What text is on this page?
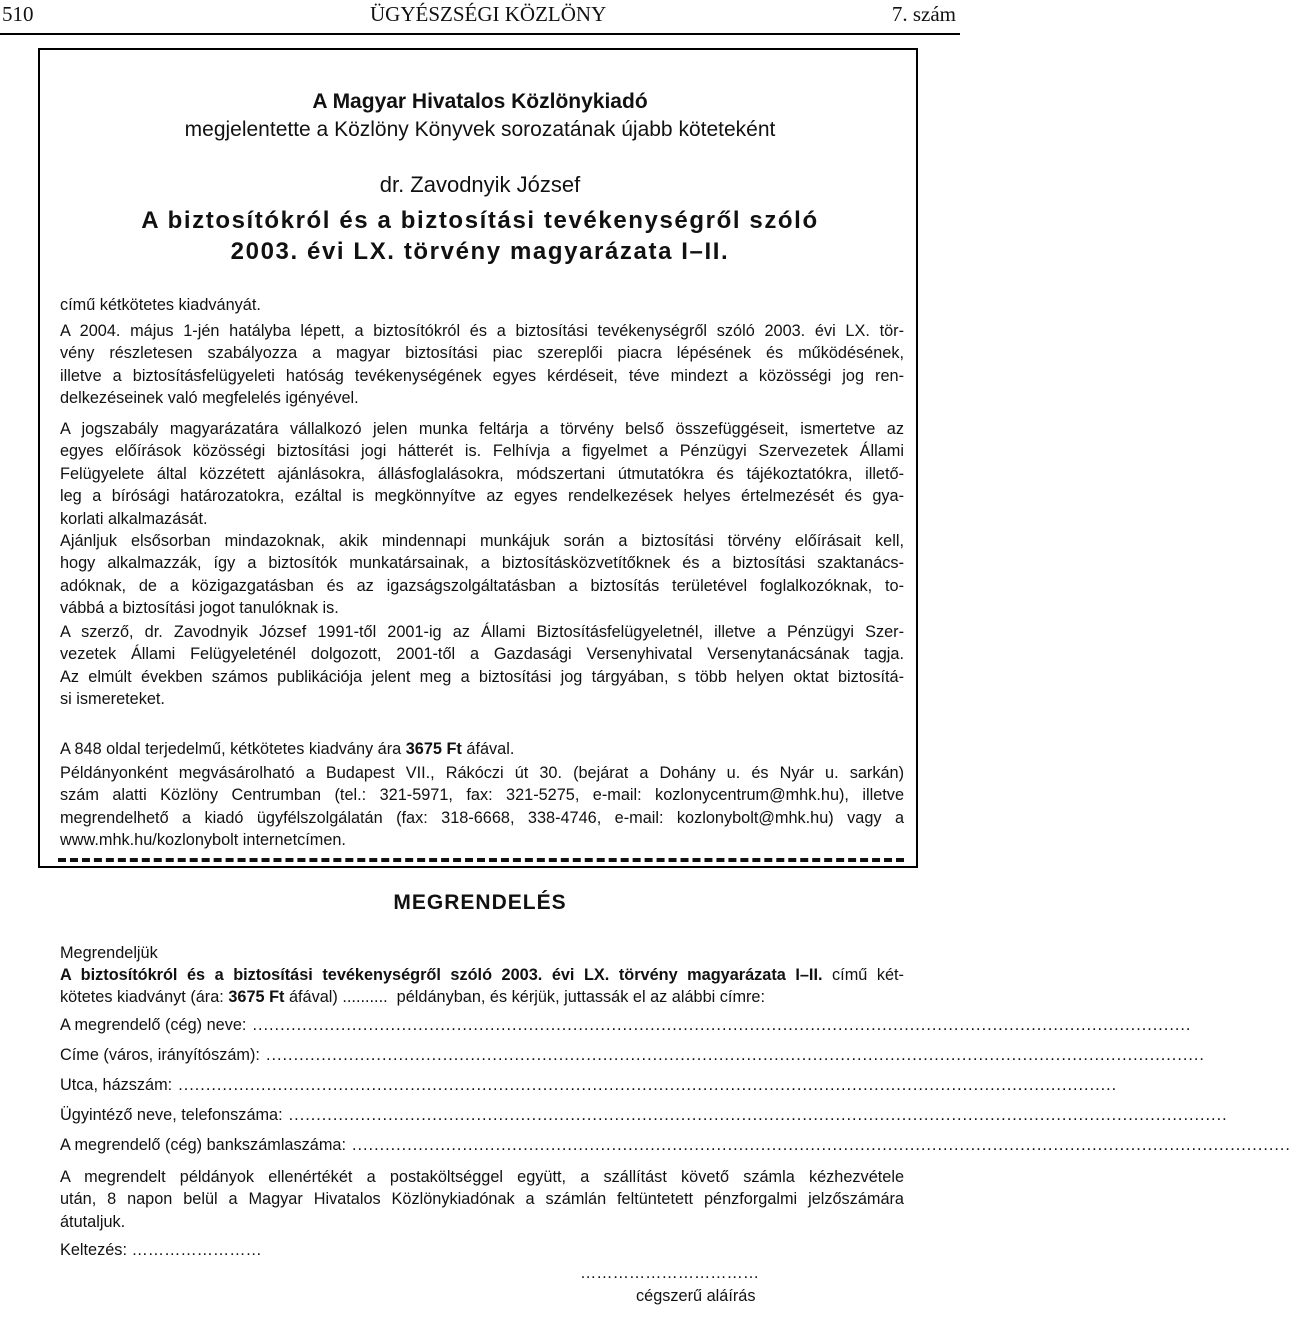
510	ÜGYÉSZSÉGI KÖZLÖNY	7. szám
A Magyar Hivatalos Közlönykiadó
megjelentette a Közlöny Könyvek sorozatának újabb köteteként
dr. Zavodnyik József
A biztosítókról és a biztosítási tevékenységről szóló
2003. évi LX. törvény magyarázata I–II.

című kétkötetes kiadványát.

A 2004. május 1-jén hatályba lépett, a biztosítókról és a biztosítási tevékenységről szóló 2003. évi LX. tör-
vény részletesen szabályozza a magyar biztosítási piac szereplői piacra lépésének és működésének,
illetve a biztosításfelügyeleti hatóság tevékenységének egyes kérdéseit, téve mindezt a közösségi jog ren-
delkezéseinek való megfelelés igényével.
A jogszabály magyarázatára vállalkozó jelen munka feltárja a törvény belső összefüggéseit, ismertetve az
egyes előírások közösségi biztosítási jogi hátterét is. Felhívja a figyelmet a Pénzügyi Szervezetek Állami
Felügyelete által közzétett ajánlásokra, állásfoglalásokra, módszertani útmutatókra és tájékoztatókra, illető-
leg a bírósági határozatokra, ezáltal is megkönnyítve az egyes rendelkezések helyes értelmezését és gya-
korlati alkalmazását.
Ajánljuk elsősorban mindazoknak, akik mindennapi munkájuk során a biztosítási törvény előírásait kell,
hogy alkalmazzák, így a biztosítók munkatársainak, a biztosításközvetítőknek és a biztosítási szaktanács-
adóknak, de a közigazgatásban és az igazságszolgáltatásban a biztosítás területével foglalkozóknak, to-
vábbá a biztosítási jogot tanulóknak is.
A szerző, dr. Zavodnyik József 1991-től 2001-ig az Állami Biztosításfelügyeletnél, illetve a Pénzügyi Szer-
vezetek Állami Felügyeleténél dolgozott, 2001-től a Gazdasági Versenyhivatal Versenytanácsának tagja.
Az elmúlt években számos publikációja jelent meg a biztosítási jog tárgyában, s több helyen oktat biztosítá-
si ismereteket.
A 848 oldal terjedelmű, kétkötetes kiadvány ára 3675 Ft áfával.
Példányonként megvásárolható a Budapest VII., Rákóczi út 30. (bejárat a Dohány u. és Nyár u. sarkán)
szám alatti Közlöny Centrumban (tel.: 321-5971, fax: 321-5275, e-mail: kozlonycentrum@mhk.hu), illetve
megrendelhető a kiadó ügyfélszolgálatán (fax: 318-6668, 338-4746, e-mail: kozlonybolt@mhk.hu) vagy a
www.mhk.hu/kozlonybolt internetcímen.
MEGRENDELÉS
Megrendeljük
A biztosítókról és a biztosítási tevékenységről szóló 2003. évi LX. törvény magyarázata I–II. című két-
kötetes kiadványt (ára: 3675 Ft áfával) ..........  példányban, és kérjük, juttassák el az alábbi címre:
A megrendelő (cég) neve: ..........................................................................................................................................................................
Címe (város, irányítószám): ..........................................................................................................................................................................
Utca, házszám: ..........................................................................................................................................................................
Ügyintéző neve, telefonszáma: ..........................................................................................................................................................................
A megrendelő (cég) bankszámlaszáma: ..........................................................................................................................................................................
A megrendelt példányok ellenértékét a postaköltséggel együtt, a szállítást követő számla kézhezvétele
után, 8 napon belül a Magyar Hivatalos Közlönykiadónak a számlán feltüntetett pénzforgalmi jelzőszámára
átutaljuk.
Keltezés: ……………………
……………………………
cégszerű aláírás
